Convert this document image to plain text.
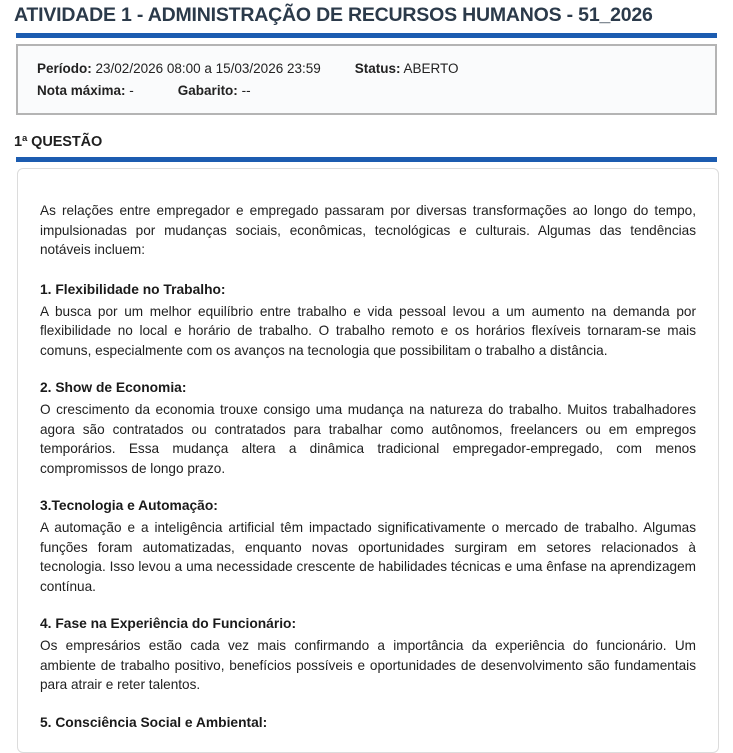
ATIVIDADE 1 - ADMINISTRAÇÃO DE RECURSOS HUMANOS - 51_2026
Período: 23/02/2026 08:00 a 15/03/2026 23:59	Status: ABERTO
Nota máxima: -	Gabarito: --
1ª QUESTÃO

As relações entre empregador e empregado passaram por diversas transformações ao longo do tempo, impulsionadas por mudanças sociais, econômicas, tecnológicas e culturais. Algumas das tendências notáveis incluem:

1. Flexibilidade no Trabalho:

A busca por um melhor equilíbrio entre trabalho e vida pessoal levou a um aumento na demanda por flexibilidade no local e horário de trabalho. O trabalho remoto e os horários flexíveis tornaram-se mais comuns, especialmente com os avanços na tecnologia que possibilitam o trabalho a distância.

2. Show de Economia:

O crescimento da economia trouxe consigo uma mudança na natureza do trabalho. Muitos trabalhadores agora são contratados ou contratados para trabalhar como autônomos, freelancers ou em empregos temporários. Essa mudança altera a dinâmica tradicional empregador-empregado, com menos compromissos de longo prazo.

3.Tecnologia e Automação:

A automação e a inteligência artificial têm impactado significativamente o mercado de trabalho. Algumas funções foram automatizadas, enquanto novas oportunidades surgiram em setores relacionados à tecnologia. Isso levou a uma necessidade crescente de habilidades técnicas e uma ênfase na aprendizagem contínua.

4. Fase na Experiência do Funcionário:

Os empresários estão cada vez mais confirmando a importância da experiência do funcionário. Um ambiente de trabalho positivo, benefícios possíveis e oportunidades de desenvolvimento são fundamentais para atrair e reter talentos.

5. Consciência Social e Ambiental:
